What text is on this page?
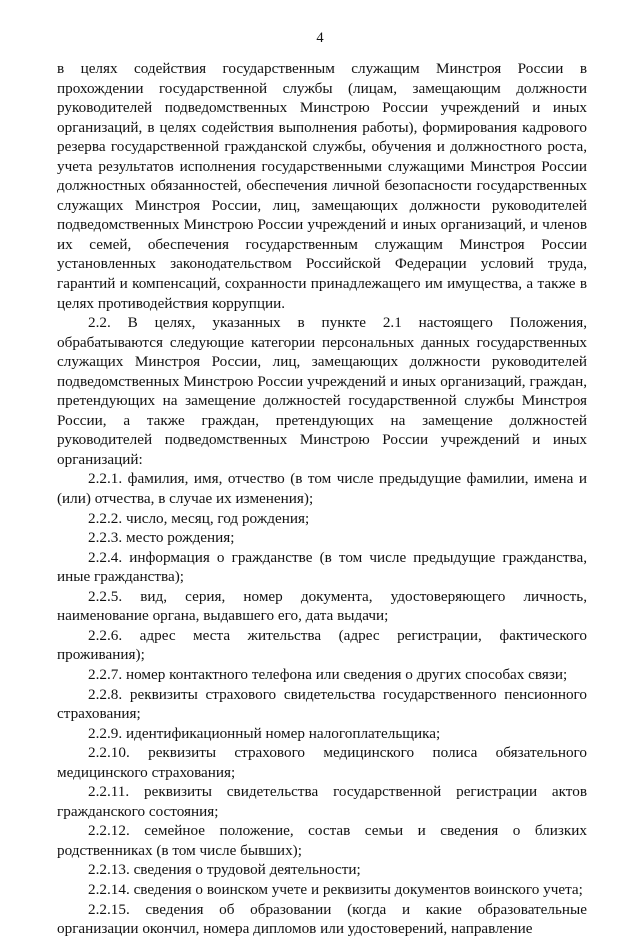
4

в целях содействия государственным служащим Минстроя России в прохождении государственной службы (лицам, замещающим должности руководителей подведомственных Минстрою России учреждений и иных организаций, в целях содействия выполнения работы), формирования кадрового резерва государственной гражданской службы, обучения и должностного роста, учета результатов исполнения государственными служащими Минстроя России должностных обязанностей, обеспечения личной безопасности государственных служащих Минстроя России, лиц, замещающих должности руководителей подведомственных Минстрою России учреждений и иных организаций, и членов их семей, обеспечения государственным служащим Минстроя России установленных законодательством Российской Федерации условий труда, гарантий и компенсаций, сохранности принадлежащего им имущества, а также в целях противодействия коррупции.

2.2. В целях, указанных в пункте 2.1 настоящего Положения, обрабатываются следующие категории персональных данных государственных служащих Минстроя России, лиц, замещающих должности руководителей подведомственных Минстрою России учреждений и иных организаций, граждан, претендующих на замещение должностей государственной службы Минстроя России, а также граждан, претендующих на замещение должностей руководителей подведомственных Минстрою России учреждений и иных организаций:

2.2.1. фамилия, имя, отчество (в том числе предыдущие фамилии, имена и (или) отчества, в случае их изменения);

2.2.2. число, месяц, год рождения;

2.2.3. место рождения;

2.2.4. информация о гражданстве (в том числе предыдущие гражданства, иные гражданства);

2.2.5. вид, серия, номер документа, удостоверяющего личность, наименование органа, выдавшего его, дата выдачи;

2.2.6. адрес места жительства (адрес регистрации, фактического проживания);

2.2.7. номер контактного телефона или сведения о других способах связи;

2.2.8. реквизиты страхового свидетельства государственного пенсионного страхования;

2.2.9. идентификационный номер налогоплательщика;

2.2.10. реквизиты страхового медицинского полиса обязательного медицинского страхования;

2.2.11. реквизиты свидетельства государственной регистрации актов гражданского состояния;

2.2.12. семейное положение, состав семьи и сведения о близких родственниках (в том числе бывших);

2.2.13. сведения о трудовой деятельности;

2.2.14. сведения о воинском учете и реквизиты документов воинского учета;

2.2.15. сведения об образовании (когда и какие образовательные организации окончил, номера дипломов или удостоверений, направление
